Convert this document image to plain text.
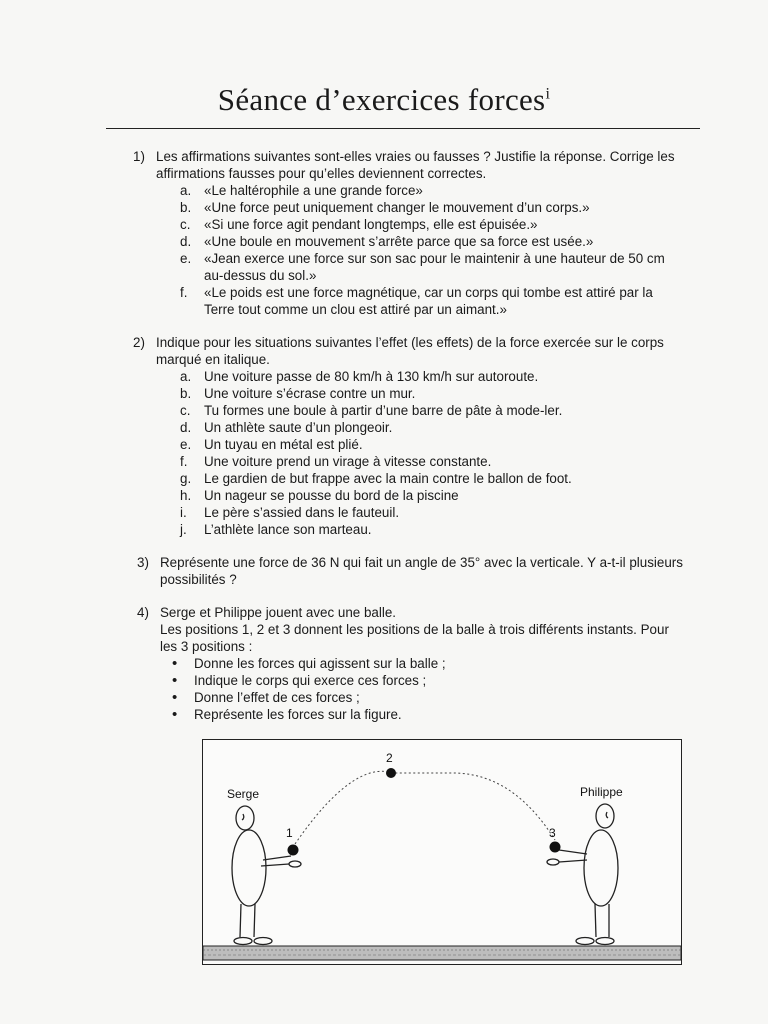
Séance d’exercices forces$^i$
1) Les affirmations suivantes sont-elles vraies ou fausses ? Justifie la réponse. Corrige les affirmations fausses pour qu’elles deviennent correctes.
a. «Le haltérophile a une grande force»
b. «Une force peut uniquement changer le mouvement d’un corps.»
c. «Si une force agit pendant longtemps, elle est épuisée.»
d. «Une boule en mouvement s’arrête parce que sa force est usée.»
e. «Jean exerce une force sur son sac pour le maintenir à une hauteur de 50 cm au-dessus du sol.»
f. «Le poids est une force magnétique, car un corps qui tombe est attiré par la Terre tout comme un clou est attiré par un aimant.»
2) Indique pour les situations suivantes l’effet (les effets) de la force exercée sur le corps marqué en italique.
a. Une voiture passe de 80 km/h à 130 km/h sur autoroute.
b. Une voiture s’écrase contre un mur.
c. Tu formes une boule à partir d’une barre de pâte à mode-ler.
d. Un athlète saute d’un plongeoir.
e. Un tuyau en métal est plié.
f. Une voiture prend un virage à vitesse constante.
g. Le gardien de but frappe avec la main contre le ballon de foot.
h. Un nageur se pousse du bord de la piscine
i. Le père s’assied dans le fauteuil.
j. L’athlète lance son marteau.
3) Représente une force de 36 N qui fait un angle de 35° avec la verticale. Y a-t-il plusieurs possibilités ?
4) Serge et Philippe jouent avec une balle.
Les positions 1, 2 et 3 donnent les positions de la balle à trois différents instants. Pour les 3 positions :
• Donne les forces qui agissent sur la balle ;
• Indique le corps qui exerce ces forces ;
• Donne l’effet de ces forces ;
• Représente les forces sur la figure.
Serge	Philippe
1
2
3
